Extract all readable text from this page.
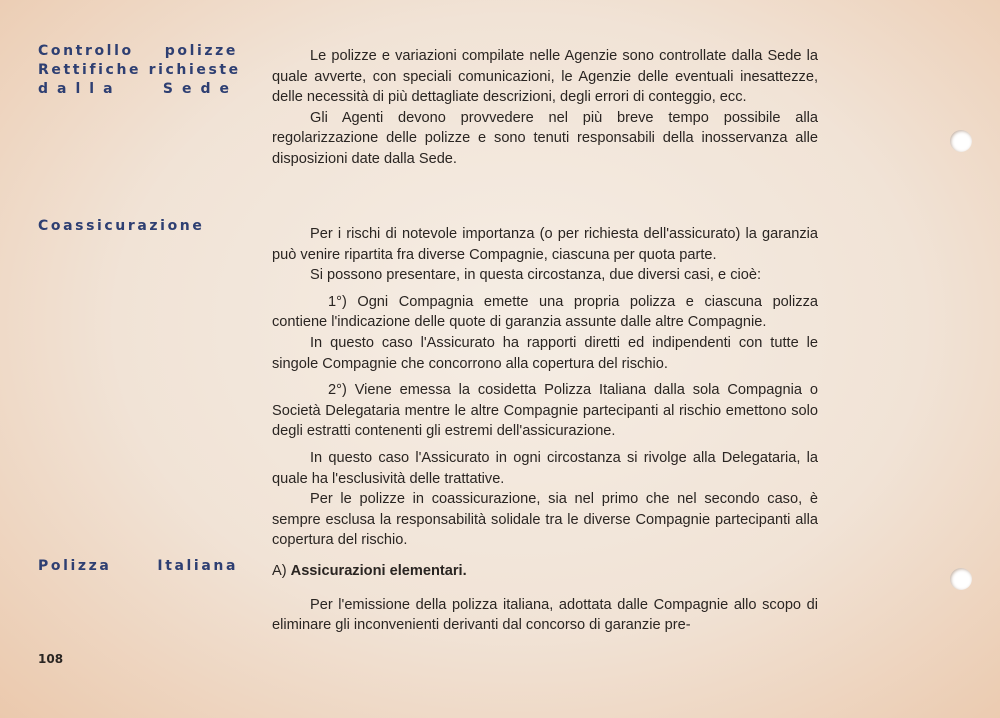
Controllo polizze
Rettifiche richieste
dalla Sede

Le polizze e variazioni compilate nelle Agenzie sono controllate dalla Sede la quale avverte, con speciali comunicazioni, le Agenzie delle eventuali inesattezze, delle necessità di più dettagliate descrizioni, degli errori di conteggio, ecc.

Gli Agenti devono provvedere nel più breve tempo possibile alla regolarizzazione delle polizze e sono tenuti responsabili della inosservanza alle disposizioni date dalla Sede.

Coassicurazione	Per i rischi di notevole importanza (o per richiesta dell'assicurato) la garanzia può venire ripartita fra diverse Compagnie, ciascuna per quota parte.

Si possono presentare, in questa circostanza, due diversi casi, e cioè:

1°) Ogni Compagnia emette una propria polizza e ciascuna polizza contiene l'indicazione delle quote di garanzia assunte dalle altre Compagnie.

In questo caso l'Assicurato ha rapporti diretti ed indipendenti con tutte le singole Compagnie che concorrono alla copertura del rischio.

2°) Viene emessa la cosidetta Polizza Italiana dalla sola Compagnia o Società Delegataria mentre le altre Compagnie partecipanti al rischio emettono solo degli estratti contenenti gli estremi dell'assicurazione.

In questo caso l'Assicurato in ogni circostanza si rivolge alla Delegataria, la quale ha l'esclusività delle trattative.

Per le polizze in coassicurazione, sia nel primo che nel secondo caso, è sempre esclusa la responsabilità solidale tra le diverse Compagnie partecipanti alla copertura del rischio.

Polizza Italiana A) Assicurazioni elementari.

Per l'emissione della polizza italiana, adottata dalle Compagnie allo scopo di eliminare gli inconvenienti derivanti dal concorso di garanzie pre-

108
